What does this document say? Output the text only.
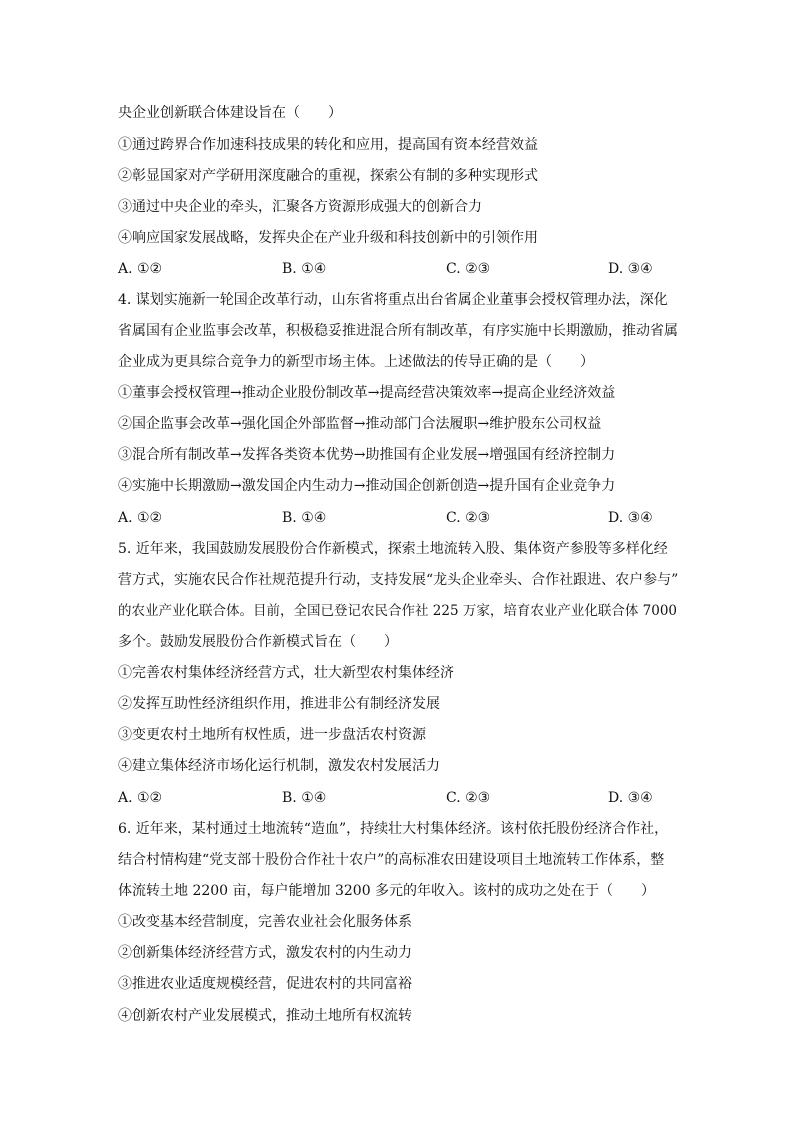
央企业创新联合体建设旨在（　　）
①通过跨界合作加速科技成果的转化和应用，提高国有资本经营效益
②彰显国家对产学研用深度融合的重视，探索公有制的多种实现形式
③通过中央企业的牵头，汇聚各方资源形成强大的创新合力
④响应国家发展战略，发挥央企在产业升级和科技创新中的引领作用
A. ①②	B. ①④	C. ②③	D. ③④
4. 谋划实施新一轮国企改革行动，山东省将重点出台省属企业董事会授权管理办法，深化
省属国有企业监事会改革，积极稳妥推进混合所有制改革，有序实施中长期激励，推动省属
企业成为更具综合竞争力的新型市场主体。上述做法的传导正确的是（　　）
①董事会授权管理→推动企业股份制改革→提高经营决策效率→提高企业经济效益
②国企监事会改革→强化国企外部监督→推动部门合法履职→维护股东公司权益
③混合所有制改革→发挥各类资本优势→助推国有企业发展→增强国有经济控制力
④实施中长期激励→激发国企内生动力→推动国企创新创造→提升国有企业竞争力
A. ①②	B. ①④	C. ②③	D. ③④
5. 近年来，我国鼓励发展股份合作新模式，探索土地流转入股、集体资产参股等多样化经
营方式，实施农民合作社规范提升行动，支持发展“龙头企业牵头、合作社跟进、农户参与”
的农业产业化联合体。目前，全国已登记农民合作社 225 万家，培育农业产业化联合体 7000
多个。鼓励发展股份合作新模式旨在（　　）
①完善农村集体经济经营方式，壮大新型农村集体经济
②发挥互助性经济组织作用，推进非公有制经济发展
③变更农村土地所有权性质，进一步盘活农村资源
④建立集体经济市场化运行机制，激发农村发展活力
A. ①②	B. ①④	C. ②③	D. ③④
6. 近年来，某村通过土地流转“造血”，持续壮大村集体经济。该村依托股份经济合作社，
结合村情构建“党支部十股份合作社十农户”的高标准农田建设项目土地流转工作体系，整
体流转土地 2200 亩，每户能增加 3200 多元的年收入。该村的成功之处在于（　　）
①改变基本经营制度，完善农业社会化服务体系
②创新集体经济经营方式，激发农村的内生动力
③推进农业适度规模经营，促进农村的共同富裕
④创新农村产业发展模式，推动土地所有权流转
